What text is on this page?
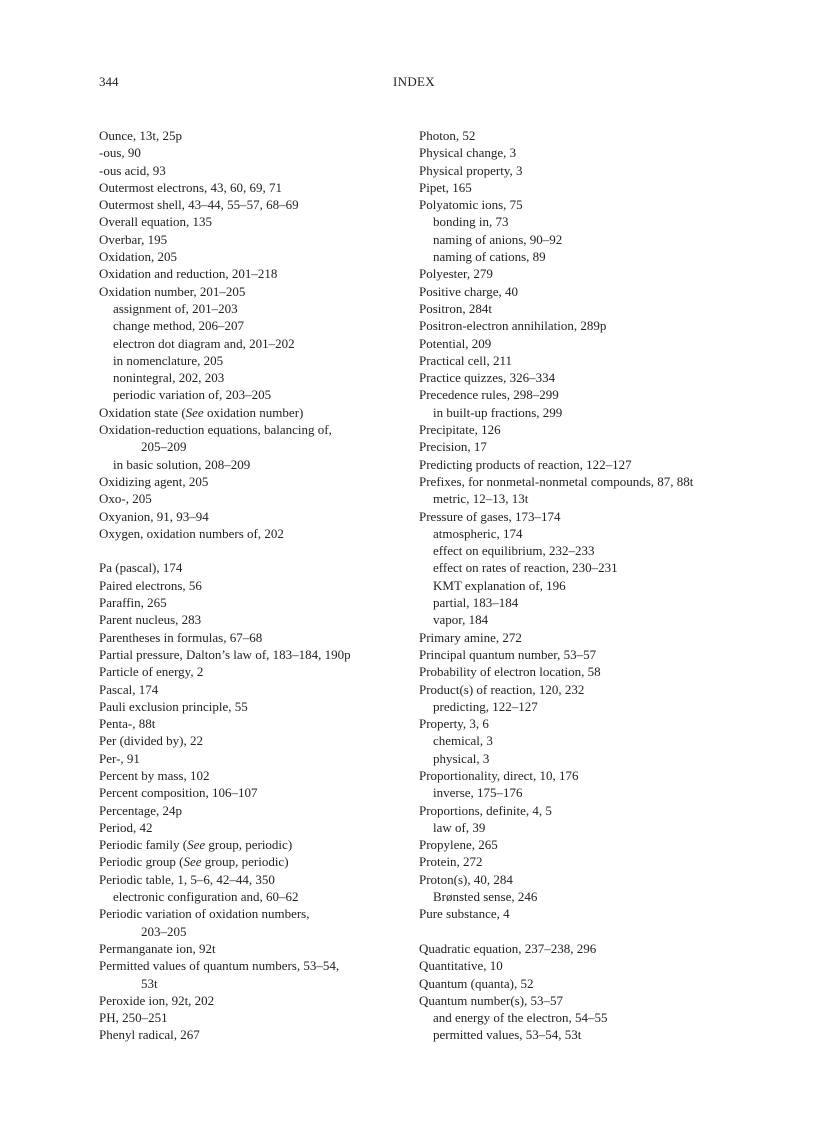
344	INDEX
Ounce, 13t, 25p
-ous, 90
-ous acid, 93
Outermost electrons, 43, 60, 69, 71
Outermost shell, 43–44, 55–57, 68–69
Overall equation, 135
Overbar, 195
Oxidation, 205
Oxidation and reduction, 201–218
Oxidation number, 201–205
assignment of, 201–203
change method, 206–207
electron dot diagram and, 201–202
in nomenclature, 205
nonintegral, 202, 203
periodic variation of, 203–205
Oxidation state (See oxidation number)
Oxidation-reduction equations, balancing of,
205–209
in basic solution, 208–209
Oxidizing agent, 205
Oxo-, 205
Oxyanion, 91, 93–94
Oxygen, oxidation numbers of, 202
Pa (pascal), 174
Paired electrons, 56
Paraffin, 265
Parent nucleus, 283
Parentheses in formulas, 67–68
Partial pressure, Dalton’s law of, 183–184, 190p
Particle of energy, 2
Pascal, 174
Pauli exclusion principle, 55
Penta-, 88t
Per (divided by), 22
Per-, 91
Percent by mass, 102
Percent composition, 106–107
Percentage, 24p
Period, 42
Periodic family (See group, periodic)
Periodic group (See group, periodic)
Periodic table, 1, 5–6, 42–44, 350
electronic configuration and, 60–62
Periodic variation of oxidation numbers,
203–205
Permanganate ion, 92t
Permitted values of quantum numbers, 53–54,
53t
Peroxide ion, 92t, 202
PH, 250–251
Phenyl radical, 267
Photon, 52
Physical change, 3
Physical property, 3
Pipet, 165
Polyatomic ions, 75
bonding in, 73
naming of anions, 90–92
naming of cations, 89
Polyester, 279
Positive charge, 40
Positron, 284t
Positron-electron annihilation, 289p
Potential, 209
Practical cell, 211
Practice quizzes, 326–334
Precedence rules, 298–299
in built-up fractions, 299
Precipitate, 126
Precision, 17
Predicting products of reaction, 122–127
Prefixes, for nonmetal-nonmetal compounds, 87, 88t
metric, 12–13, 13t
Pressure of gases, 173–174
atmospheric, 174
effect on equilibrium, 232–233
effect on rates of reaction, 230–231
KMT explanation of, 196
partial, 183–184
vapor, 184
Primary amine, 272
Principal quantum number, 53–57
Probability of electron location, 58
Product(s) of reaction, 120, 232
predicting, 122–127
Property, 3, 6
chemical, 3
physical, 3
Proportionality, direct, 10, 176
inverse, 175–176
Proportions, definite, 4, 5
law of, 39
Propylene, 265
Protein, 272
Proton(s), 40, 284
Brønsted sense, 246
Pure substance, 4
Quadratic equation, 237–238, 296
Quantitative, 10
Quantum (quanta), 52
Quantum number(s), 53–57
and energy of the electron, 54–55
permitted values, 53–54, 53t
